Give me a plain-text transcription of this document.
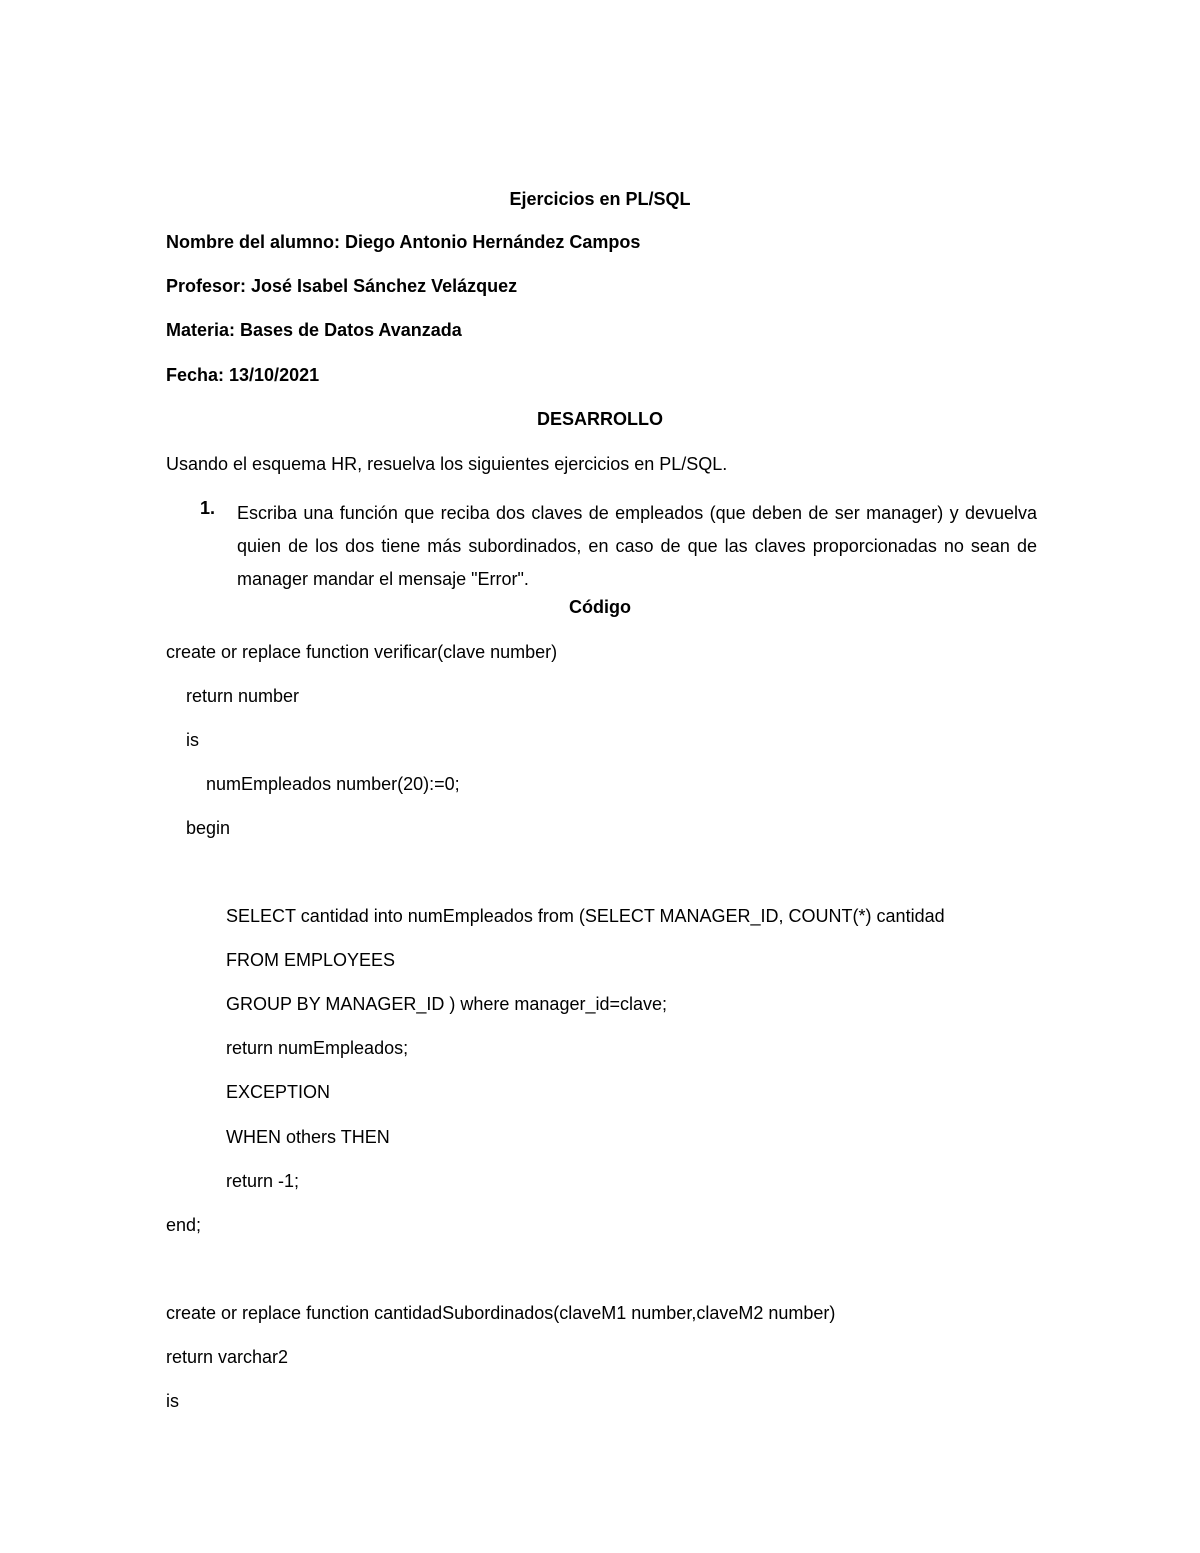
Ejercicios en PL/SQL
Nombre del alumno: Diego Antonio Hernández Campos
Profesor: José Isabel Sánchez Velázquez
Materia: Bases de Datos Avanzada
Fecha: 13/10/2021
DESARROLLO
Usando el esquema HR, resuelva los siguientes ejercicios en PL/SQL.
1. Escriba una función que reciba dos claves de empleados (que deben de ser manager) y devuelva quien de los dos tiene más subordinados, en caso de que las claves proporcionadas no sean de manager mandar el mensaje "Error".
Código
create or replace function verificar(clave number)
return number
is
numEmpleados number(20):=0;
begin
SELECT cantidad into numEmpleados from (SELECT MANAGER_ID, COUNT(*) cantidad
FROM EMPLOYEES
GROUP BY MANAGER_ID ) where manager_id=clave;
return numEmpleados;
EXCEPTION
WHEN others THEN
return -1;
end;
create or replace function cantidadSubordinados(claveM1 number,claveM2 number)
return varchar2
is
